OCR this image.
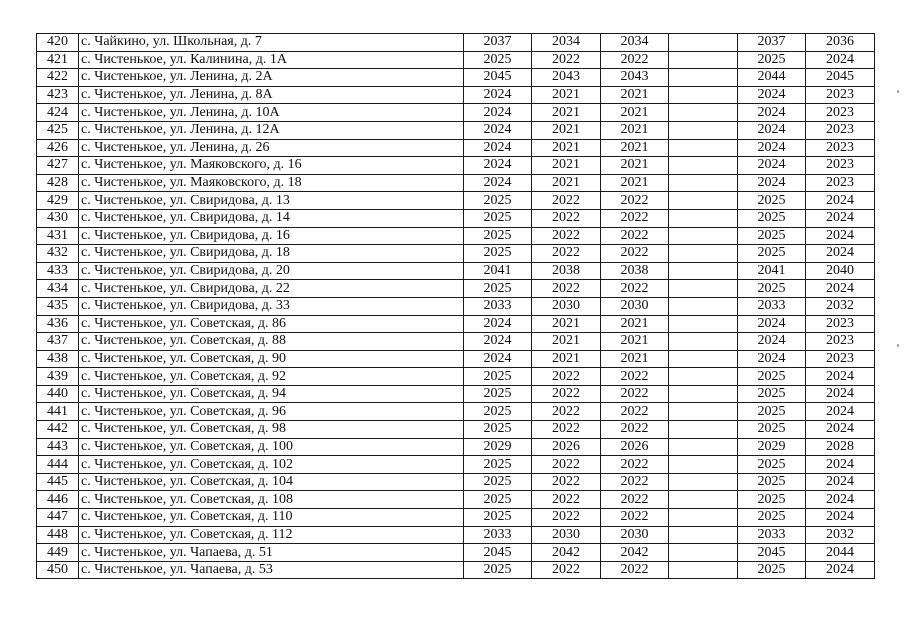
420	с. Чайкино, ул. Школьная, д. 7	2037	2034	2034		2037	2036
421	с. Чистенькое, ул. Калинина, д. 1А	2025	2022	2022		2025	2024
422	с. Чистенькое, ул. Ленина, д. 2А	2045	2043	2043		2044	2045
423	с. Чистенькое, ул. Ленина, д. 8А	2024	2021	2021		2024	2023
424	с. Чистенькое, ул. Ленина, д. 10А	2024	2021	2021		2024	2023
425	с. Чистенькое, ул. Ленина, д. 12А	2024	2021	2021		2024	2023
426	с. Чистенькое, ул. Ленина, д. 26	2024	2021	2021		2024	2023
427	с. Чистенькое, ул. Маяковского, д. 16	2024	2021	2021		2024	2023
428	с. Чистенькое, ул. Маяковского, д. 18	2024	2021	2021		2024	2023
429	с. Чистенькое, ул. Свиридова, д. 13	2025	2022	2022		2025	2024
430	с. Чистенькое, ул. Свиридова, д. 14	2025	2022	2022		2025	2024
431	с. Чистенькое, ул. Свиридова, д. 16	2025	2022	2022		2025	2024
432	с. Чистенькое, ул. Свиридова, д. 18	2025	2022	2022		2025	2024
433	с. Чистенькое, ул. Свиридова, д. 20	2041	2038	2038		2041	2040
434	с. Чистенькое, ул. Свиридова, д. 22	2025	2022	2022		2025	2024
435	с. Чистенькое, ул. Свиридова, д. 33	2033	2030	2030		2033	2032
436	с. Чистенькое, ул. Советская, д. 86	2024	2021	2021		2024	2023
437	с. Чистенькое, ул. Советская, д. 88	2024	2021	2021		2024	2023
438	с. Чистенькое, ул. Советская, д. 90	2024	2021	2021		2024	2023
439	с. Чистенькое, ул. Советская, д. 92	2025	2022	2022		2025	2024
440	с. Чистенькое, ул. Советская, д. 94	2025	2022	2022		2025	2024
441	с. Чистенькое, ул. Советская, д. 96	2025	2022	2022		2025	2024
442	с. Чистенькое, ул. Советская, д. 98	2025	2022	2022		2025	2024
443	с. Чистенькое, ул. Советская, д. 100	2029	2026	2026		2029	2028
444	с. Чистенькое, ул. Советская, д. 102	2025	2022	2022		2025	2024
445	с. Чистенькое, ул. Советская, д. 104	2025	2022	2022		2025	2024
446	с. Чистенькое, ул. Советская, д. 108	2025	2022	2022		2025	2024
447	с. Чистенькое, ул. Советская, д. 110	2025	2022	2022		2025	2024
448	с. Чистенькое, ул. Советская, д. 112	2033	2030	2030		2033	2032
449	с. Чистенькое, ул. Чапаева, д. 51	2045	2042	2042		2045	2044
450	с. Чистенькое, ул. Чапаева, д. 53	2025	2022	2022		2025	2024
